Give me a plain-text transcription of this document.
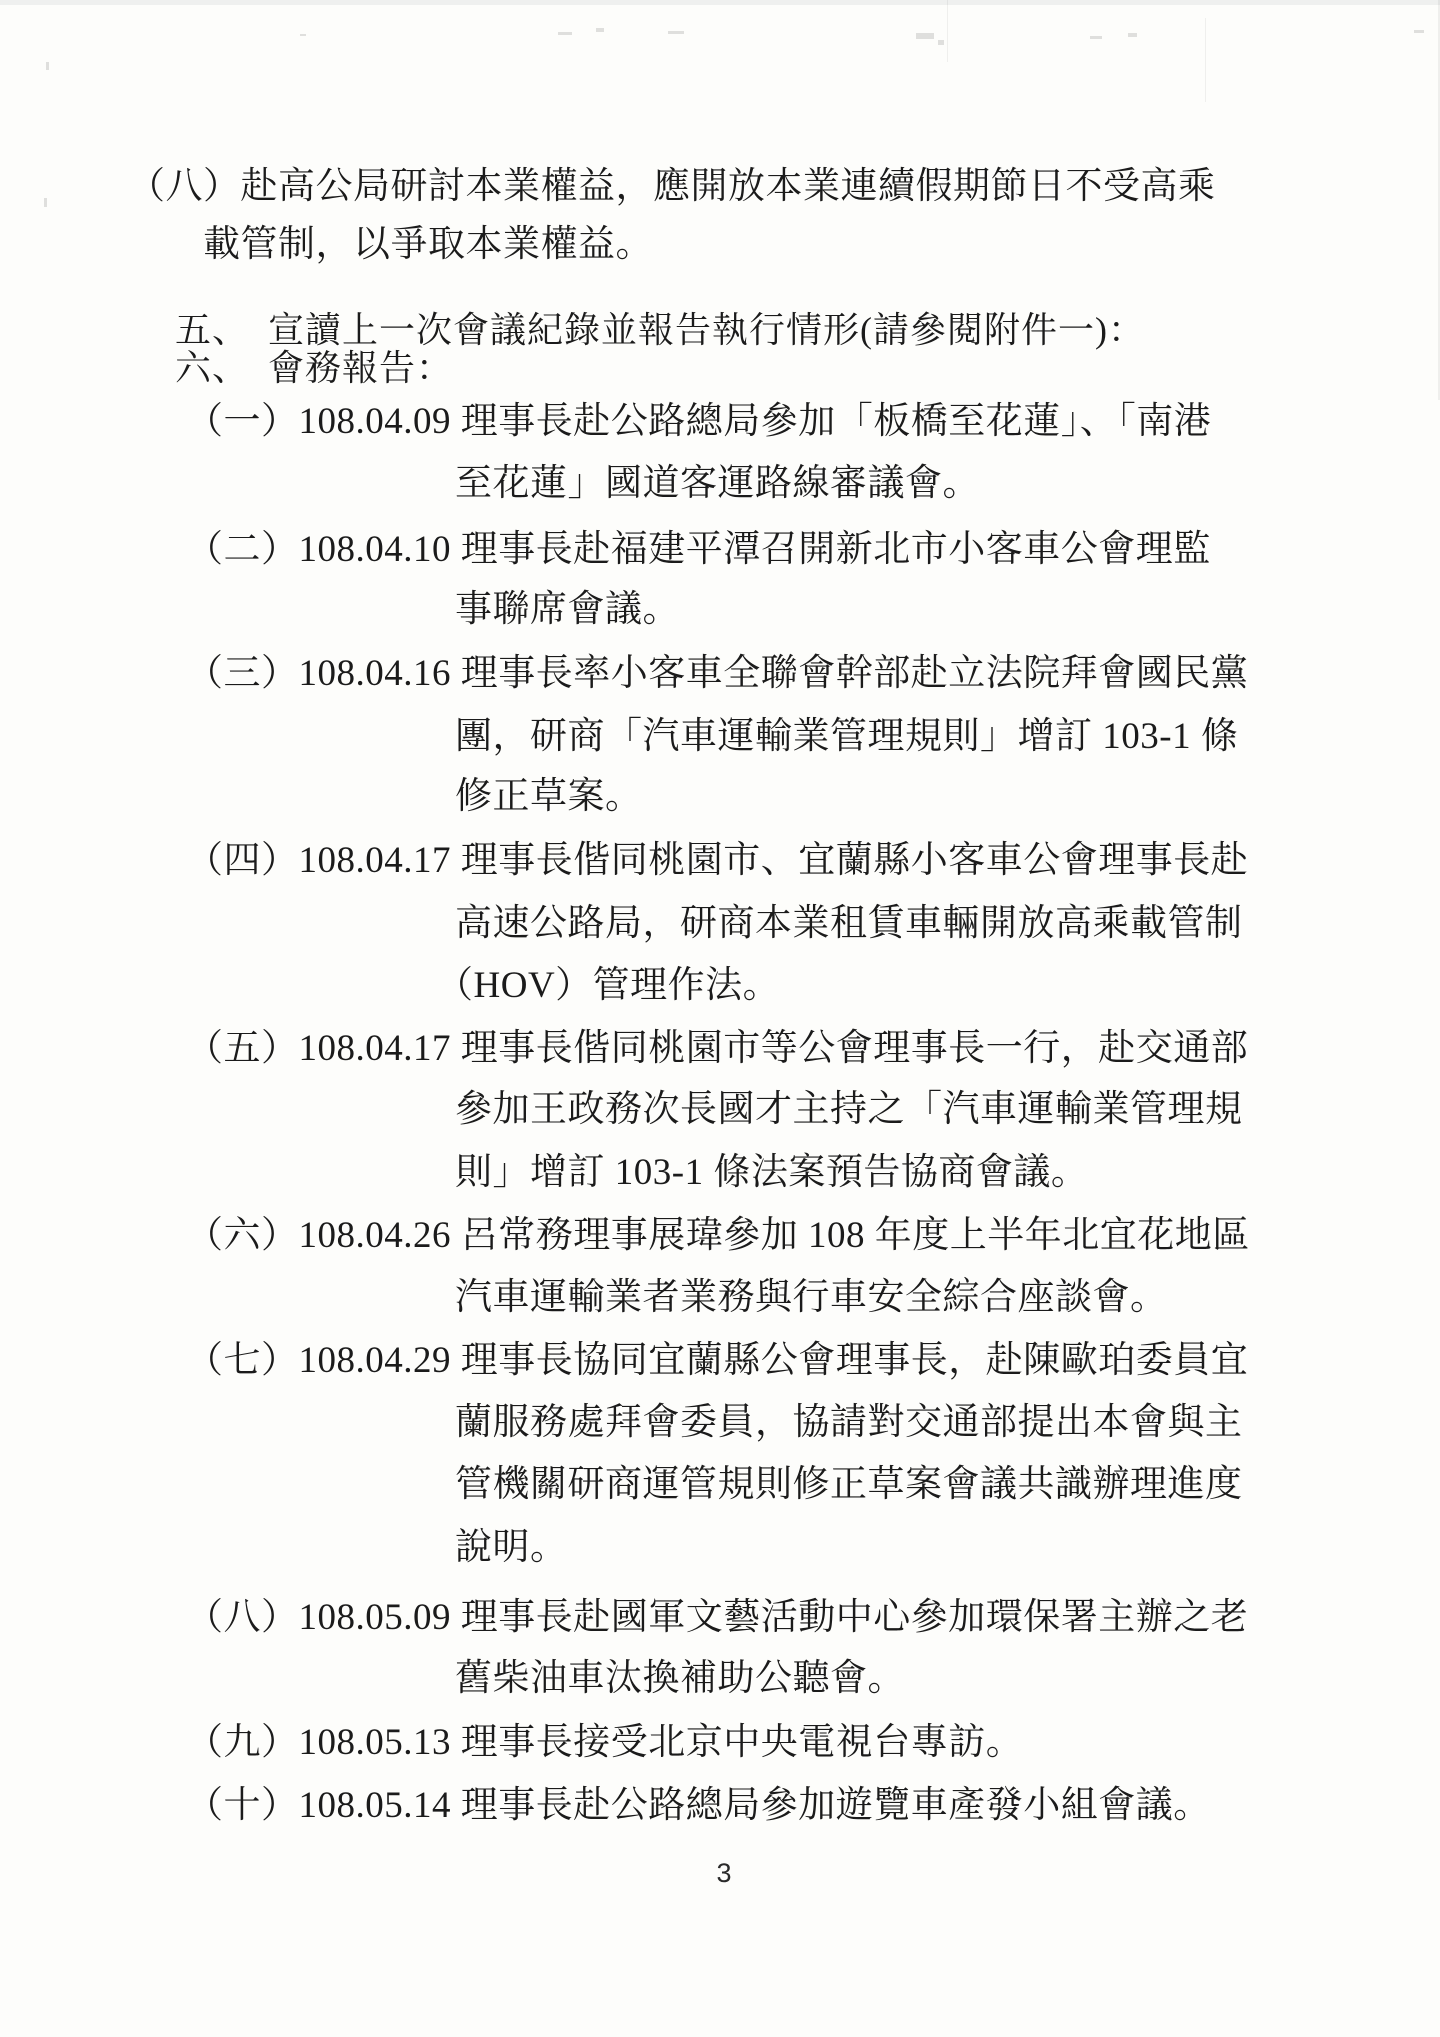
（八）赴高公局研討本業權益，應開放本業連續假期節日不受高乘
載管制，以爭取本業權益。
五、　宣讀上一次會議紀錄並報告執行情形(請參閱附件一)：
六、　會務報告：
（一）108.04.09 理事長赴公路總局參加「板橋至花蓮」、「南港
至花蓮」國道客運路線審議會。
（二）108.04.10 理事長赴福建平潭召開新北市小客車公會理監
事聯席會議。
（三）108.04.16 理事長率小客車全聯會幹部赴立法院拜會國民黨
團，研商「汽車運輸業管理規則」增訂 103-1 條
修正草案。
（四）108.04.17 理事長偕同桃園市、宜蘭縣小客車公會理事長赴
高速公路局，研商本業租賃車輛開放高乘載管制
（HOV）管理作法。
（五）108.04.17 理事長偕同桃園市等公會理事長一行，赴交通部
參加王政務次長國才主持之「汽車運輸業管理規
則」增訂 103-1 條法案預告協商會議。
（六）108.04.26 呂常務理事展瑋參加 108 年度上半年北宜花地區
汽車運輸業者業務與行車安全綜合座談會。
（七）108.04.29 理事長協同宜蘭縣公會理事長，赴陳歐珀委員宜
蘭服務處拜會委員，協請對交通部提出本會與主
管機關研商運管規則修正草案會議共識辦理進度
說明。
（八）108.05.09 理事長赴國軍文藝活動中心參加環保署主辦之老
舊柴油車汰換補助公聽會。
（九）108.05.13 理事長接受北京中央電視台專訪。
（十）108.05.14 理事長赴公路總局參加遊覽車產發小組會議。
3
